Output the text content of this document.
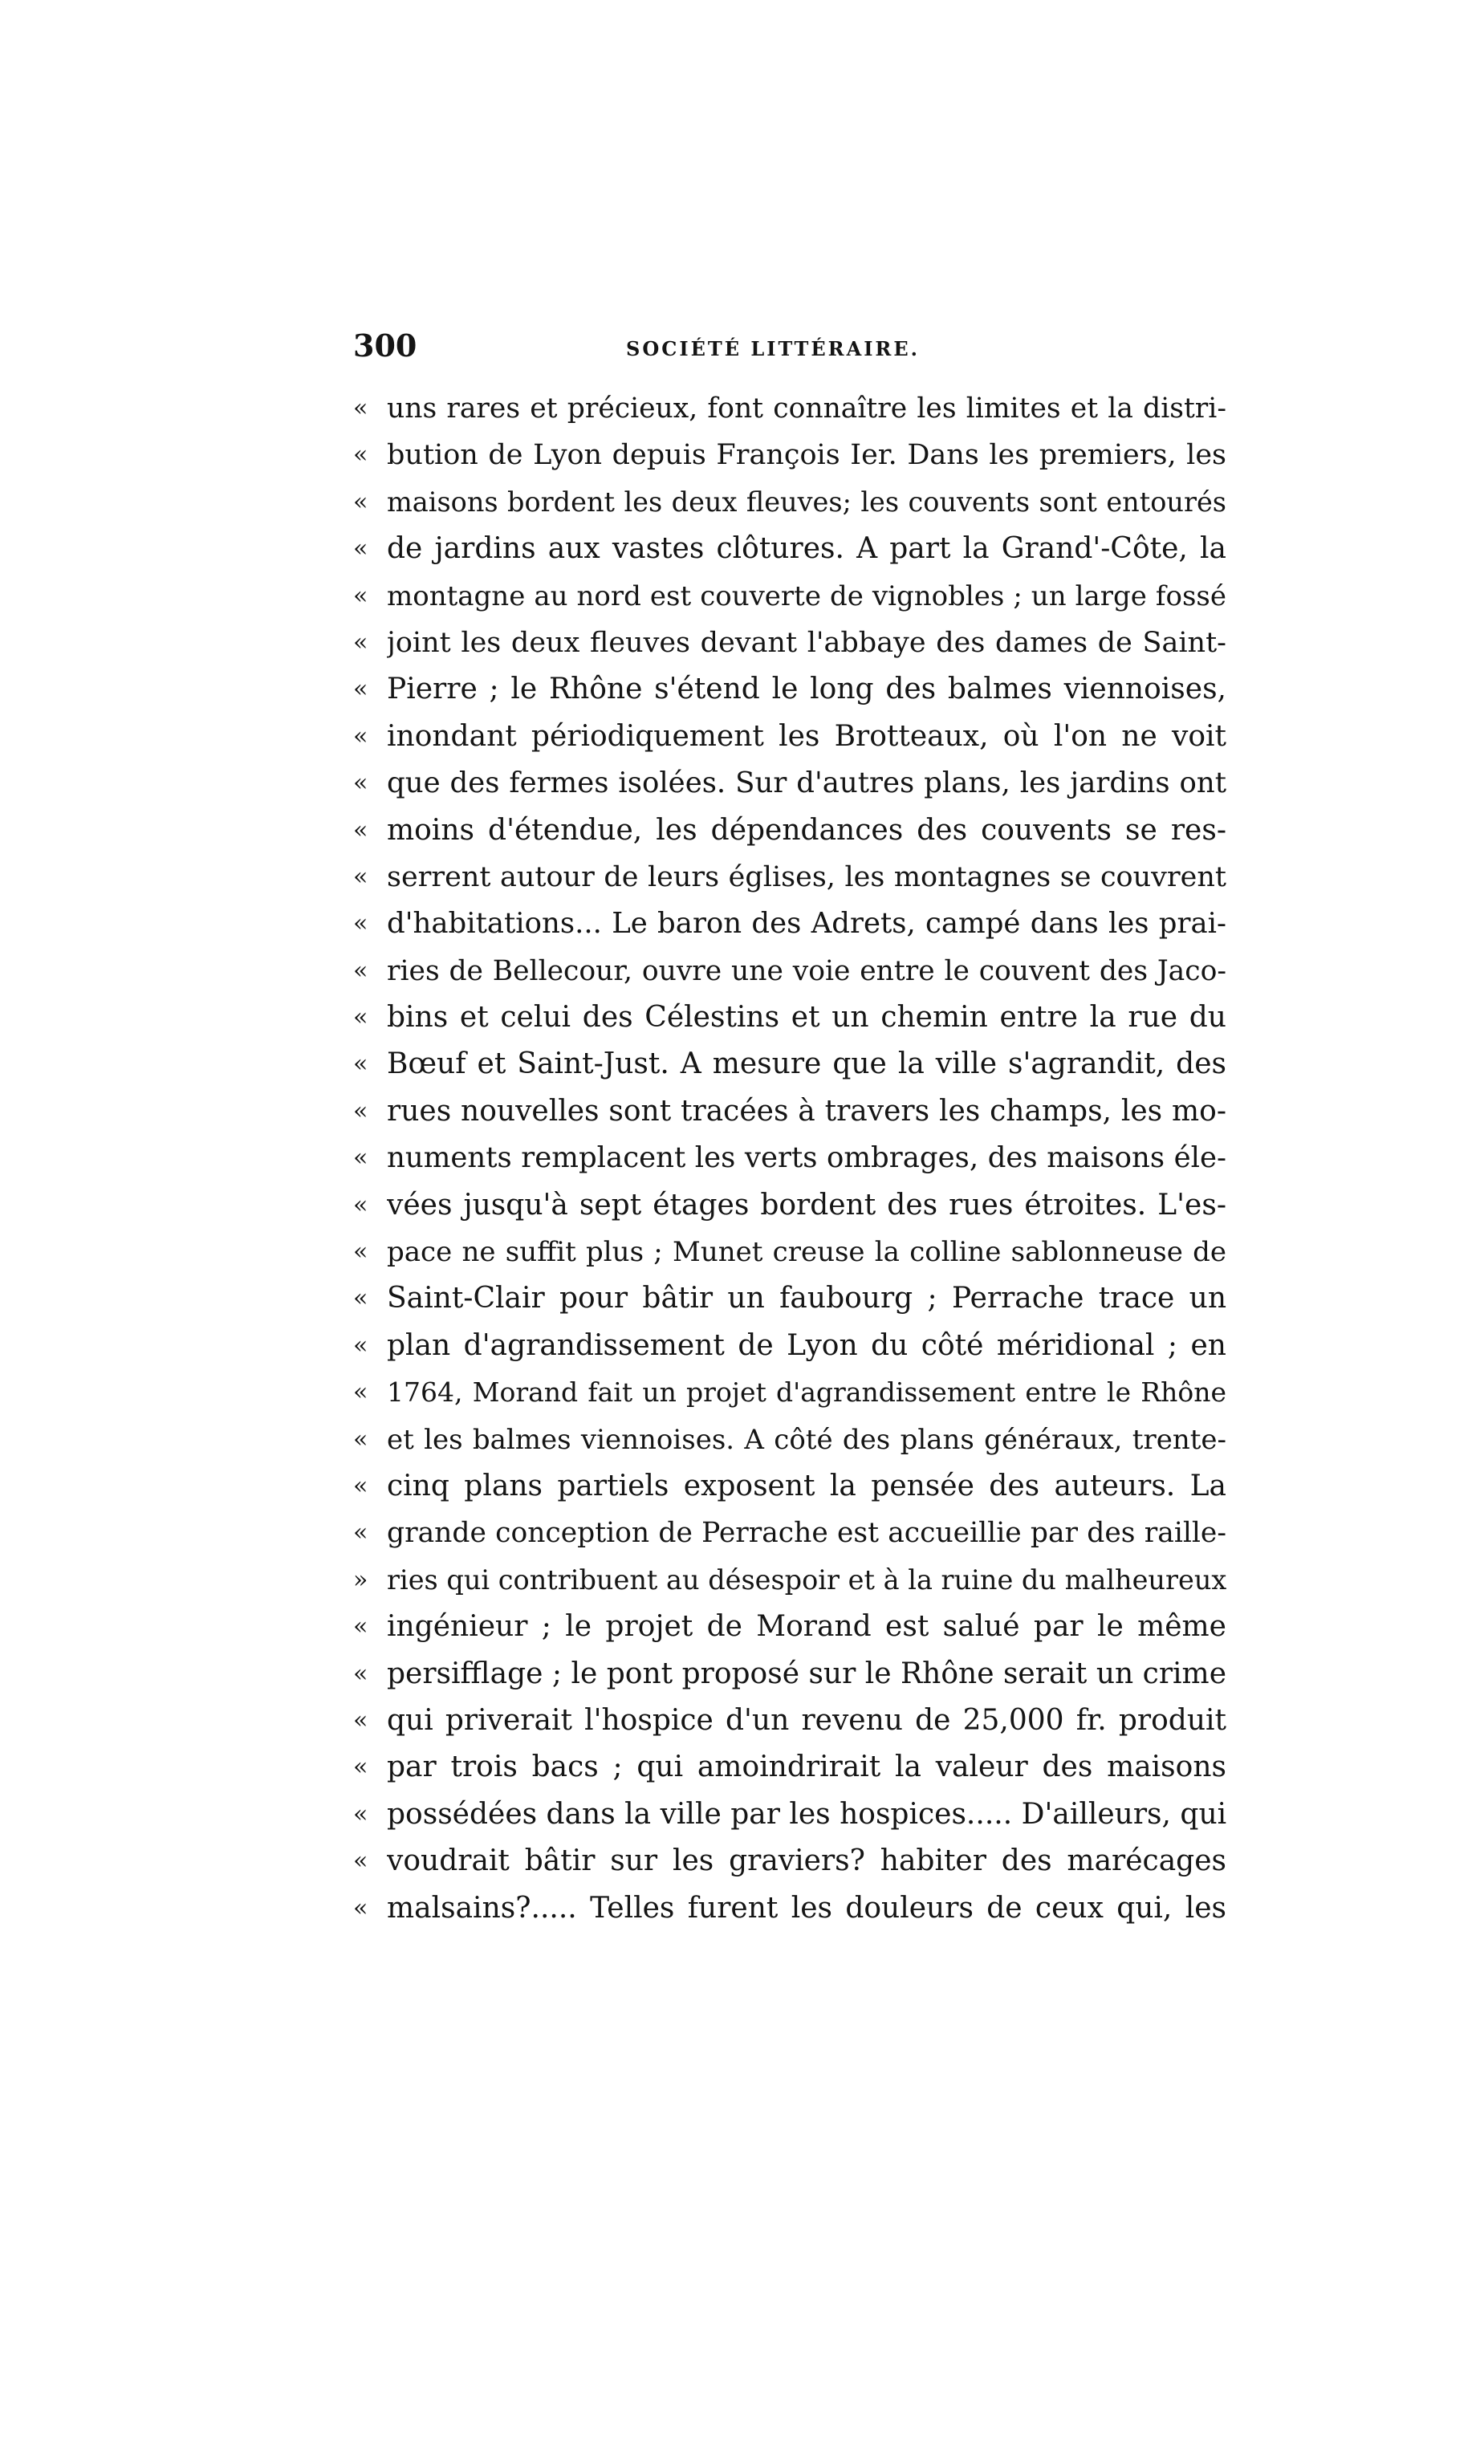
300	SOCIÉTÉ LITTÉRAIRE.
« uns rares et précieux, font connaître les limites et la distri-
« bution de Lyon depuis François Ier. Dans les premiers, les
« maisons bordent les deux fleuves; les couvents sont entourés
« de jardins aux vastes clôtures. A part la Grand'-Côte, la
« montagne au nord est couverte de vignobles ; un large fossé
« joint les deux fleuves devant l'abbaye des dames de Saint-
« Pierre ; le Rhône s'étend le long des balmes viennoises,
« inondant périodiquement les Brotteaux, où l'on ne voit
« que des fermes isolées. Sur d'autres plans, les jardins ont
« moins d'étendue, les dépendances des couvents se res-
« serrent autour de leurs églises, les montagnes se couvrent
« d'habitations... Le baron des Adrets, campé dans les prai-
« ries de Bellecour, ouvre une voie entre le couvent des Jaco-
« bins et celui des Célestins et un chemin entre la rue du
« Bœuf et Saint-Just. A mesure que la ville s'agrandit, des
« rues nouvelles sont tracées à travers les champs, les mo-
« numents remplacent les verts ombrages, des maisons éle-
« vées jusqu'à sept étages bordent des rues étroites. L'es-
« pace ne suffit plus ; Munet creuse la colline sablonneuse de
« Saint-Clair pour bâtir un faubourg ; Perrache trace un
« plan d'agrandissement de Lyon du côté méridional ; en
« 1764, Morand fait un projet d'agrandissement entre le Rhône
« et les balmes viennoises. A côté des plans généraux, trente-
« cinq plans partiels exposent la pensée des auteurs. La
« grande conception de Perrache est accueillie par des raille-
» ries qui contribuent au désespoir et à la ruine du malheureux
« ingénieur ; le projet de Morand est salué par le même
« persifflage ; le pont proposé sur le Rhône serait un crime
« qui priverait l'hospice d'un revenu de 25,000 fr. produit
« par trois bacs ; qui amoindrirait la valeur des maisons
« possédées dans la ville par les hospices..... D'ailleurs, qui
« voudrait bâtir sur les graviers? habiter des marécages
« malsains?..... Telles furent les douleurs de ceux qui, les
